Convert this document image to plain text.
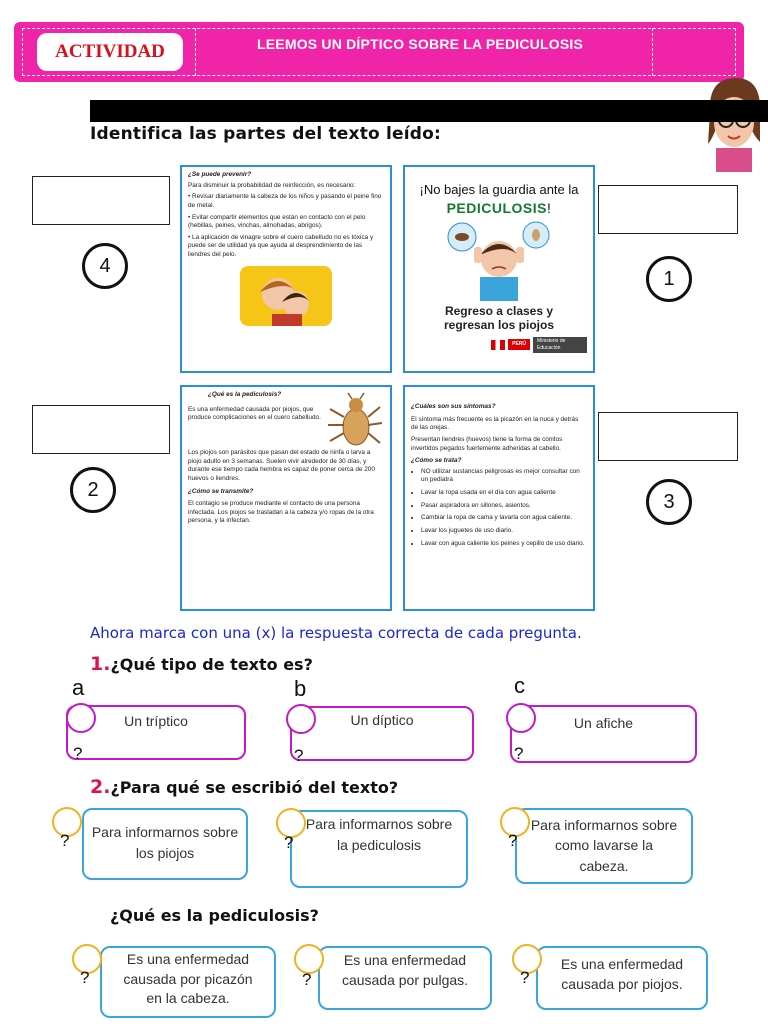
ACTIVIDAD	LEEMOS UN DÍPTICO SOBRE LA PEDICULOSIS
Identifica las partes del texto leído:
4
1
2
3
¿Se puede prevenir?

Para disminuir la probabilidad de reinfección, es necesario:

• Revisar diariamente la cabeza de los niños y pasando el peine fino de metal.

• Evitar compartir elementos que están en contacto con el pelo (hebillas, peines, vinchas, almohadas, abrigos).

• La aplicación de vinagre sobre el cuero cabelludo no es tóxica y puede ser de utilidad ya que ayuda al desprendimiento de las liendres del pelo.

¡No bajes la guardia ante la
PEDICULOSIS!
Regreso a clases y
regresan los piojos
PERÚ
Ministerio de Educación
¿Qué es la pediculosis?

Es una enfermedad causada por piojos, que produce complicaciones en el cuero cabelludo.

Los piojos son parásitos que pasan del estado de ninfa o larva a piojo adulto en 3 semanas. Suelen vivir alrededor de 30 días, y durante ese tiempo cada hembra es capaz de poner cerca de 200 huevos o liendres.

¿Cómo se transmite?

El contagio se produce mediante el contacto de una persona infectada. Los piojos se trasladan a la cabeza y/o ropas de la otra persona, y la infectan.

¿Cuáles son sus síntomas?

El síntoma más frecuente es la picazón en la nuca y detrás de las orejas.

Presentan liendres (huevos) tiene la forma de conitos invertidos pegados fuertemente adheridas al cabello.

¿Cómo se trata?
• NO utilizar sustancias peligrosas es mejor consultar con un pediatra
• Lavar la ropa usada en el día con agua caliente
• Pasar aspiradora en sillones, asientos.
• Cambiar la ropa de cama y lavarla con agua caliente.
• Lavar los juguetes de uso diario.
• Lavar con agua caliente los peines y cepillo de uso diario.
Ahora marca con una (x) la respuesta correcta de cada pregunta.
1.¿Qué tipo de texto es?
a	b	c
Un tríptico	Un díptico	Un afiche
?	?	?
2.¿Para qué se escribió del texto?
Para informarnos sobre
los piojos
Para informarnos sobre
la pediculosis
Para informarnos sobre
como lavarse la
cabeza.
?	?	?
¿Qué es la pediculosis?
Es una enfermedad
causada por picazón
en la cabeza.
Es una enfermedad
causada por pulgas.
Es una enfermedad
causada por piojos.
?	?	?
